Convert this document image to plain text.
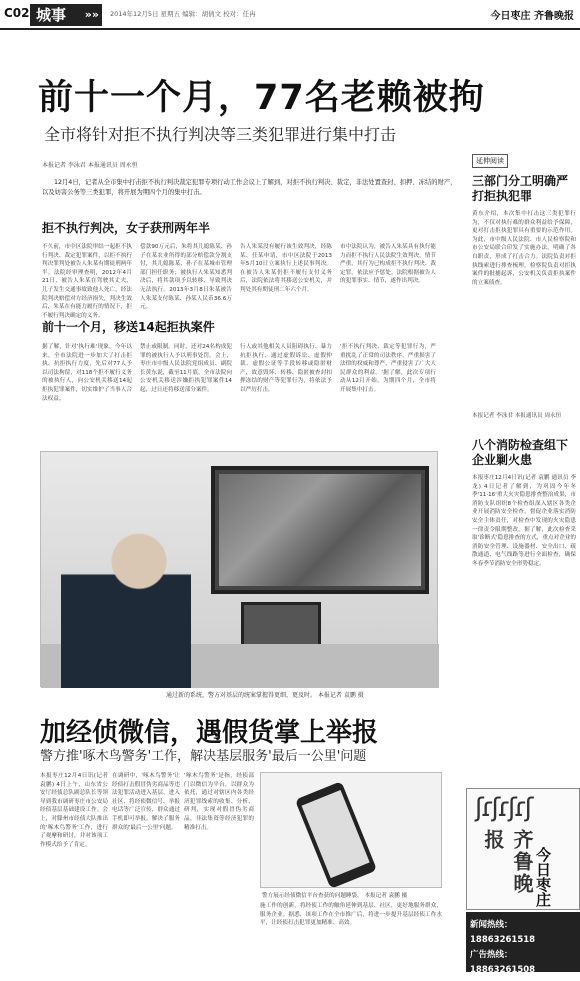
C02 城事 »» 2014年12月5日 星期五 编辑：胡倩文 校对：任冉	今日枣庄 齐鲁晚报
前十一个月，77名老赖被拘
全市将针对拒不执行判决等三类犯罪进行集中打击
本报记者 李泳君 本报通讯员 周永恒
12月4日，记者从全市集中打击拒不执行判决裁定犯罪专项行动工作会议上了解到，对拒不执行判决、裁定，非法处置查封、扣押、冻结的财产，以及妨害公务等三类犯罪，将开展为期四个月的集中打击。
拒不执行判决，女子获刑两年半
不久前，市中区法院审结一起拒不执行判决、裁定犯罪案件，以拒不执行判决罪判处被告人朱某有期徒刑两年半。法院经审理查明，2012年4月21日，被告人朱某在驾驶其丈夫、儿子发生交通事故致他人死亡，经法院判决赔偿对方经济损失，判决生效后，朱某在有能力履行的情况下，拒不履行判决确定的义务。
偿款90万元后，朱将其儿媳陈某、孙子在某农业所得的部分赔偿款分割支付，其儿媳陈某、孙子在某城市管理部门担任职务；被执行人朱某知悉判决后，将其款项予以转移，导致判决无法执行。2013年3月8日朱某被告人朱某支付陈某、孙某人民币36.6万元。
告人朱某没有履行该生效判决，经陈某、任某申请，市中区法院于2013年5月10日立案执行上述民事判决。在被告人朱某仍拒不履行支付义务后，法院依法将其移送公安机关，并判处其有期徒刑二年六个月。
市中法院认为，被告人朱某具有执行能力而拒不执行人民法院生效判决，情节严重，其行为已构成拒不执行判决、裁定罪，依法应予惩处。法院根据被告人的犯罪事实、情节，遂作出判决。
前十一个月，移送14起拒执案件
据了解，针对'执行难'现象，今年以来，全市法院进一步加大了打击拒执、抗拒执行力度，先后对77人予以司法拘留，对118个拒不履行义务的被执行人，向公安机关移送14起拒执犯罪案件，切实维护了当事人合法权益。
禁止或限制。同时，还对24名构成犯罪的被执行人予以刑事处罚。会上，枣庄市中级人民法院党组成员、副院长黄东说，截至11月底，全市法院向公安机关移送涉嫌拒执犯罪案件14起，过日还将移送部分案件。
行人或其他相关人员阻碍执行、暴力抗拒执行、通过虚假诉讼、虚假仲裁、虚假公证等手段转移或隐匿财产，故意毁坏、转移、隐匿被查封扣押冻结的财产等犯罪行为，将依法予以严厉打击。
'拒不执行判决、裁定等犯罪行为，严重扰乱了正常的司法秩序，严重损害了法律的权威和尊严，严重侵害了广大人民群众的利益。'据了解，此次专项行动从12月开始，为期四个月，全市将开展集中打击。
通过新的系统，警方对基层的统案掌握得更细、更及时。 本报记者 袁鹏 摄
加经侦微信，遇假货掌上举报
警方推'啄木鸟警务'工作，解决基层服务'最后一公里'问题
本报枣庄12月4日讯(记者 袁鹏) 4日上午，山东省公安厅经侦总队副总队长等领导到我市调研枣庄市公安局经侦基层基础建设工作。会上，对滕州市经侦大队推出的'啄木鸟警务'工作，进行了观摩和研讨，并对该项工作模式给予了肯定。
在调研中，'啄木鸟警务'让经侦打击假冒伪劣商品等违法犯罪活动进入基层、进入社区，将经侦微信号、举报电话等广泛宣传，群众通过手机即可举报，解决了服务群众的'最后一公里'问题。
'啄木鸟警务'是指，经侦部门以微信为平台，以群众为依托，通过对辖区内各类经济犯罪线索的收集、分析、研判，实现对假冒伪劣商品、非法集资等经济犯罪的精准打击。
施工作的创新，将经侦工作的触角延伸到基层、社区，更好地服务群众、服务企业。据悉，该项工作在全市推广后，将进一步提升基层经侦工作水平，让经侦打击犯罪更加精准、高效。
警方展示经侦微信平台查获的问题睡袋。 本报记者 袁鹏 摄
延伸阅读
三部门分工明确严打拒执犯罪
黄东介绍，本次集中打击这三类犯罪行为，不仅对执行难的群众利益给予保障，更对打击拒执犯罪具有重要的示范作用。为此，市中级人民法院、市人民检察院和市公安局联合印发了实施办法，明确了各自职责，形成了打击合力。法院负责对拒执线索进行排查梳理，检察院负责对拒执案件的批捕起诉，公安机关负责拒执案件的立案侦查。
本报记者 李泳君 本报通讯员 周永恒
八个消防检查组下企业剿火患
本报枣庄12月4日讯(记者 袁鹏 通讯员 李龙) 4日记者了解到，为巩固今年冬季'11·16'重大火灾隐患排查整治成果，市消防支队组织8个检查组深入辖区各类企业开展消防安全检查，督促企业落实消防安全主体责任，对检查中发现的火灾隐患一律责令限期整改。据了解，此次检查采取'诊断式'隐患排查的方式，重点对企业的消防安全管理、设施器材、安全出口、疏散通道、电气线路等进行全面检查，确保冬春季节消防安全形势稳定。
ʃɾʃɾʃɾʃ
齐鲁晚报
今日枣庄
新闻热线：18863261518
广告热线：18863261508
